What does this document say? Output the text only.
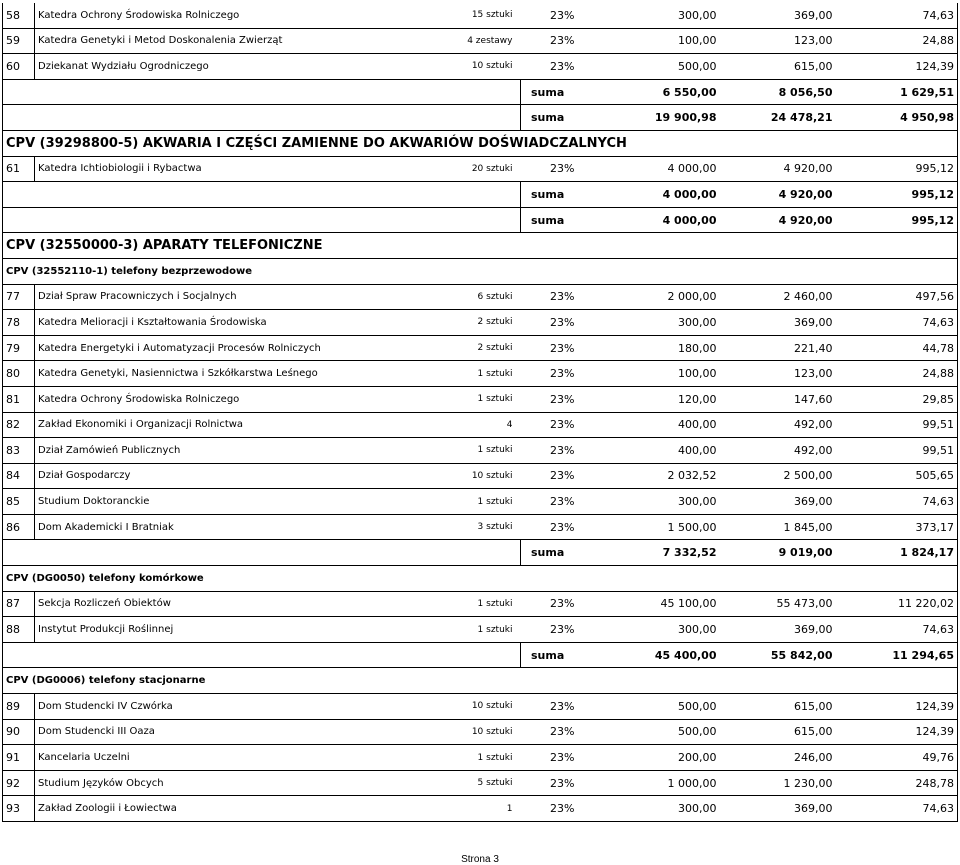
58	Katedra Ochrony Środowiska Rolniczego	15 sztuki	23%	300,00	369,00	74,63
59	Katedra Genetyki i Metod Doskonalenia Zwierząt	4 zestawy	23%	100,00	123,00	24,88
60	Dziekanat Wydziału Ogrodniczego	10 sztuki	23%	500,00	615,00	124,39
			suma	6 550,00	8 056,50	1 629,51
			suma	19 900,98	24 478,21	4 950,98
CPV (39298800-5) AKWARIA I CZĘŚCI ZAMIENNE DO AKWARIÓW DOŚWIADCZALNYCH						
61	Katedra Ichtiobiologii i Rybactwa	20 sztuki	23%	4 000,00	4 920,00	995,12
			suma	4 000,00	4 920,00	995,12
			suma	4 000,00	4 920,00	995,12
CPV (32550000-3) APARATY TELEFONICZNE						
CPV (32552110-1) telefony bezprzewodowe						
77	Dział Spraw Pracowniczych i Socjalnych	6 sztuki	23%	2 000,00	2 460,00	497,56
78	Katedra Melioracji i Kształtowania Środowiska	2 sztuki	23%	300,00	369,00	74,63
79	Katedra Energetyki i Automatyzacji Procesów Rolniczych	2 sztuki	23%	180,00	221,40	44,78
80	Katedra Genetyki, Nasiennictwa i Szkółkarstwa Leśnego	1 sztuki	23%	100,00	123,00	24,88
81	Katedra Ochrony Środowiska Rolniczego	1 sztuki	23%	120,00	147,60	29,85
82	Zakład Ekonomiki i Organizacji Rolnictwa	4	23%	400,00	492,00	99,51
83	Dział Zamówień Publicznych	1 sztuki	23%	400,00	492,00	99,51
84	Dział Gospodarczy	10 sztuki	23%	2 032,52	2 500,00	505,65
85	Studium Doktoranckie	1 sztuki	23%	300,00	369,00	74,63
86	Dom Akademicki I Bratniak	3 sztuki	23%	1 500,00	1 845,00	373,17
			suma	7 332,52	9 019,00	1 824,17
CPV (DG0050) telefony komórkowe						
87	Sekcja Rozliczeń Obiektów	1 sztuki	23%	45 100,00	55 473,00	11 220,02
88	Instytut Produkcji Roślinnej	1 sztuki	23%	300,00	369,00	74,63
			suma	45 400,00	55 842,00	11 294,65
CPV (DG0006) telefony stacjonarne						
89	Dom Studencki IV Czwórka	10 sztuki	23%	500,00	615,00	124,39
90	Dom Studencki III Oaza	10 sztuki	23%	500,00	615,00	124,39
91	Kancelaria Uczelni	1 sztuki	23%	200,00	246,00	49,76
92	Studium Języków Obcych	5 sztuki	23%	1 000,00	1 230,00	248,78
93	Zakład Zoologii i Łowiectwa	1	23%	300,00	369,00	74,63
Strona 3
